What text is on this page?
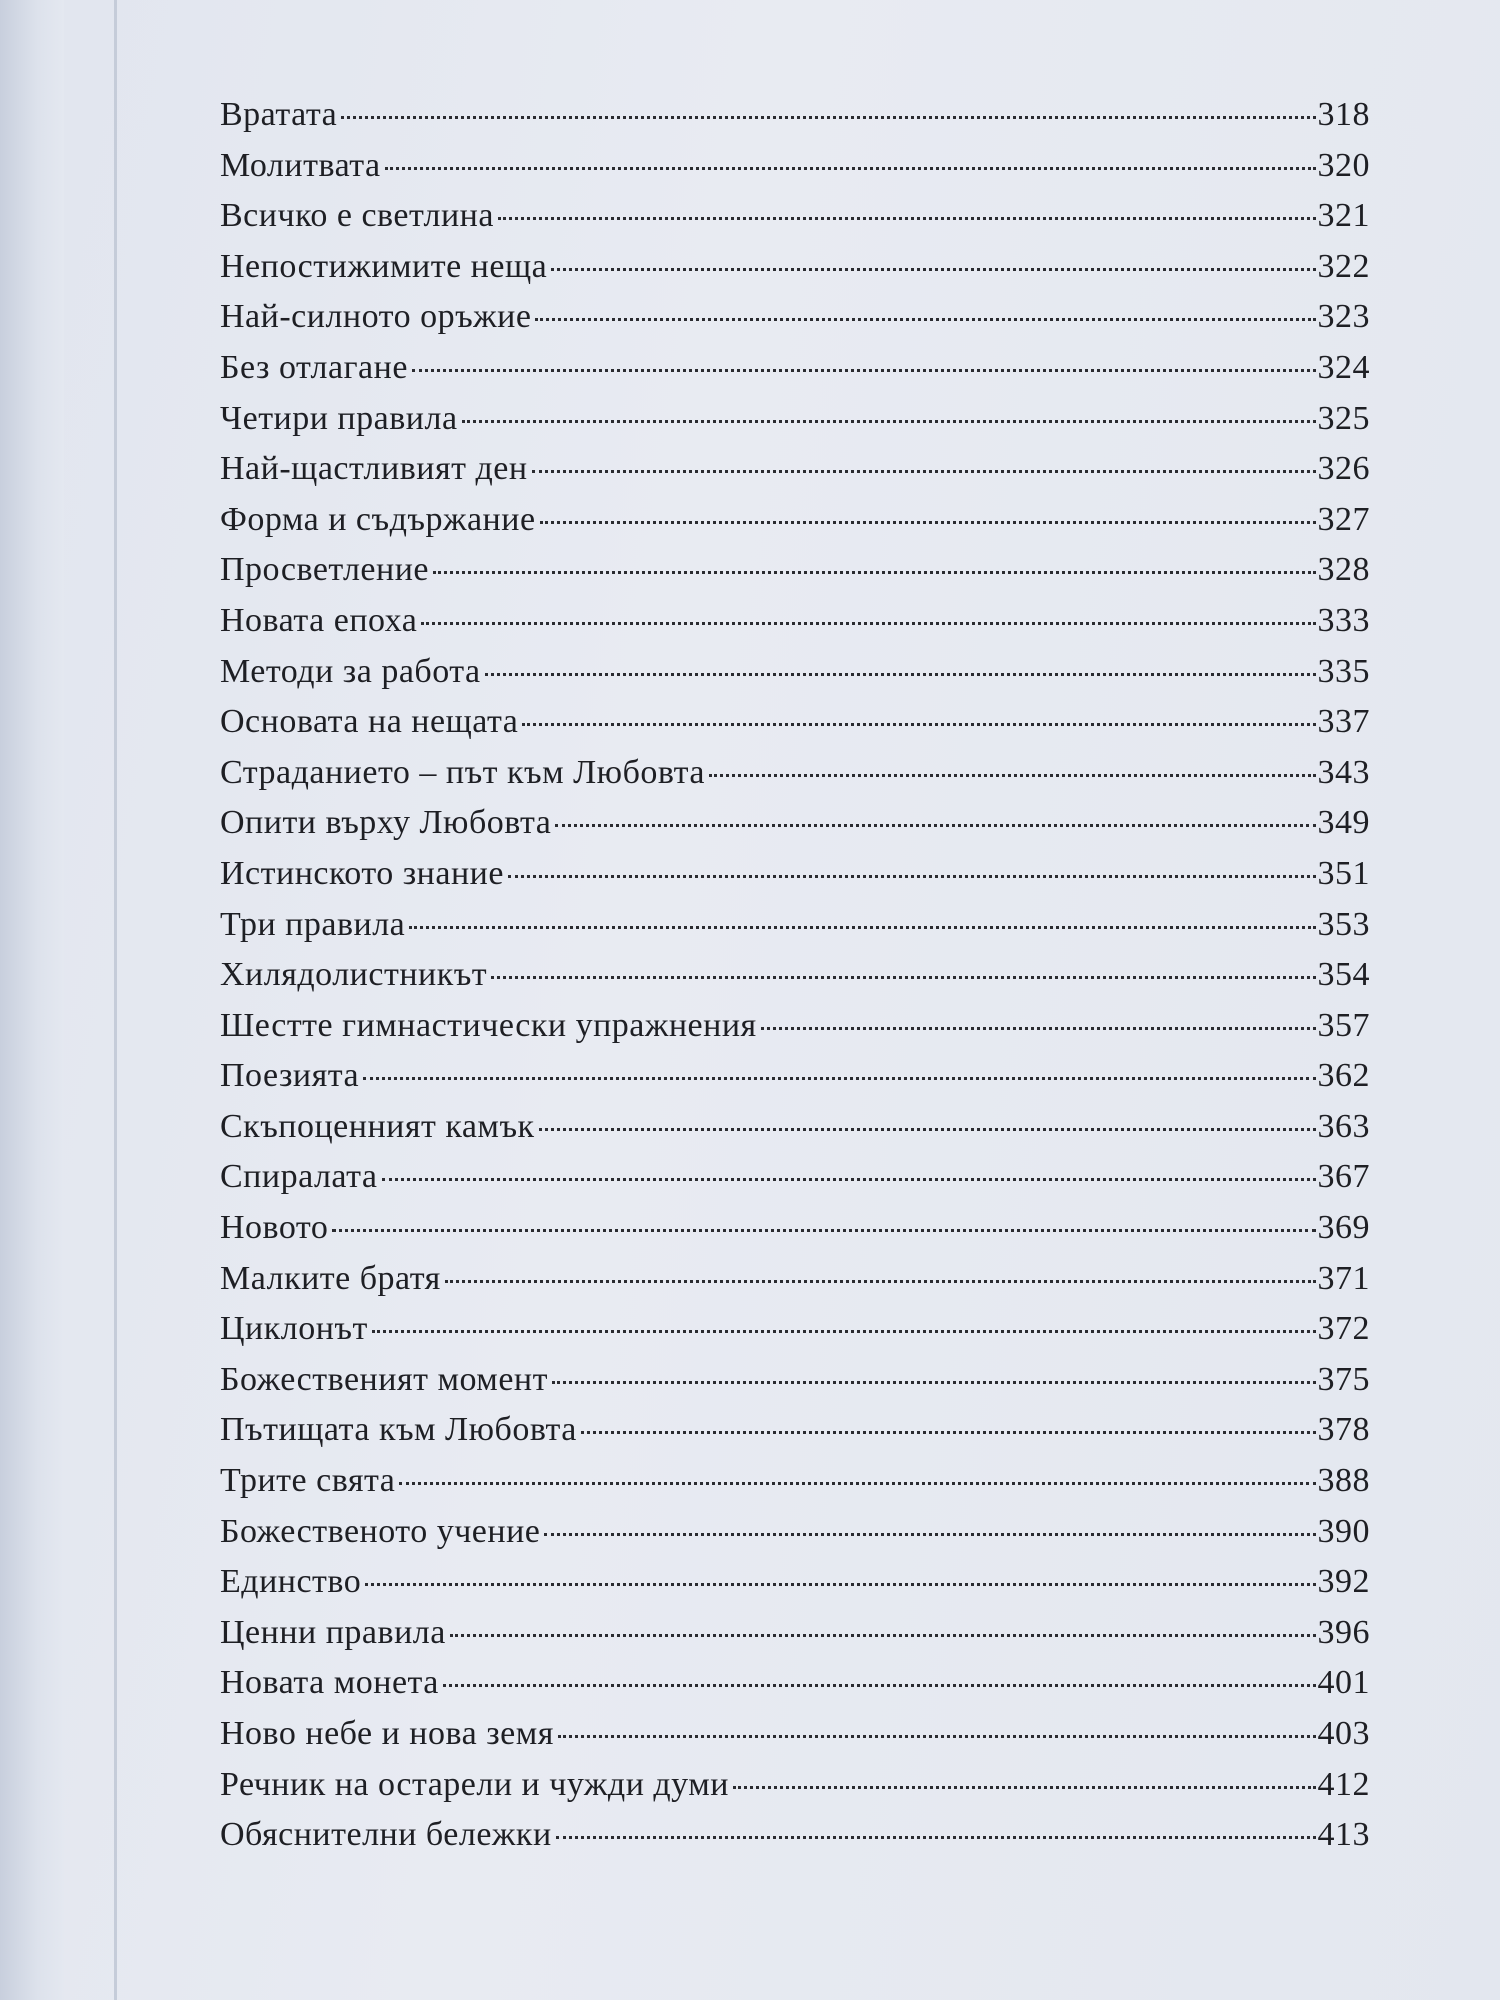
Вратата	318
Молитвата	320
Всичко е светлина	321
Непостижимите неща	322
Най-силното оръжие	323
Без отлагане	324
Четири правила	325
Най-щастливият ден	326
Форма и съдържание	327
Просветление	328
Новата епоха	333
Методи за работа	335
Основата на нещата	337
Страданието – път към Любовта	343
Опити върху Любовта	349
Истинското знание	351
Три правила	353
Хилядолистникът	354
Шестте гимнастически упражнения	357
Поезията	362
Скъпоценният камък	363
Спиралата	367
Новото	369
Малките братя	371
Циклонът	372
Божественият момент	375
Пътищата към Любовта	378
Трите свята	388
Божественото учение	390
Единство	392
Ценни правила	396
Новата монета	401
Ново небе и нова земя	403
Речник на остарели и чужди думи	412
Обяснителни бележки	413
